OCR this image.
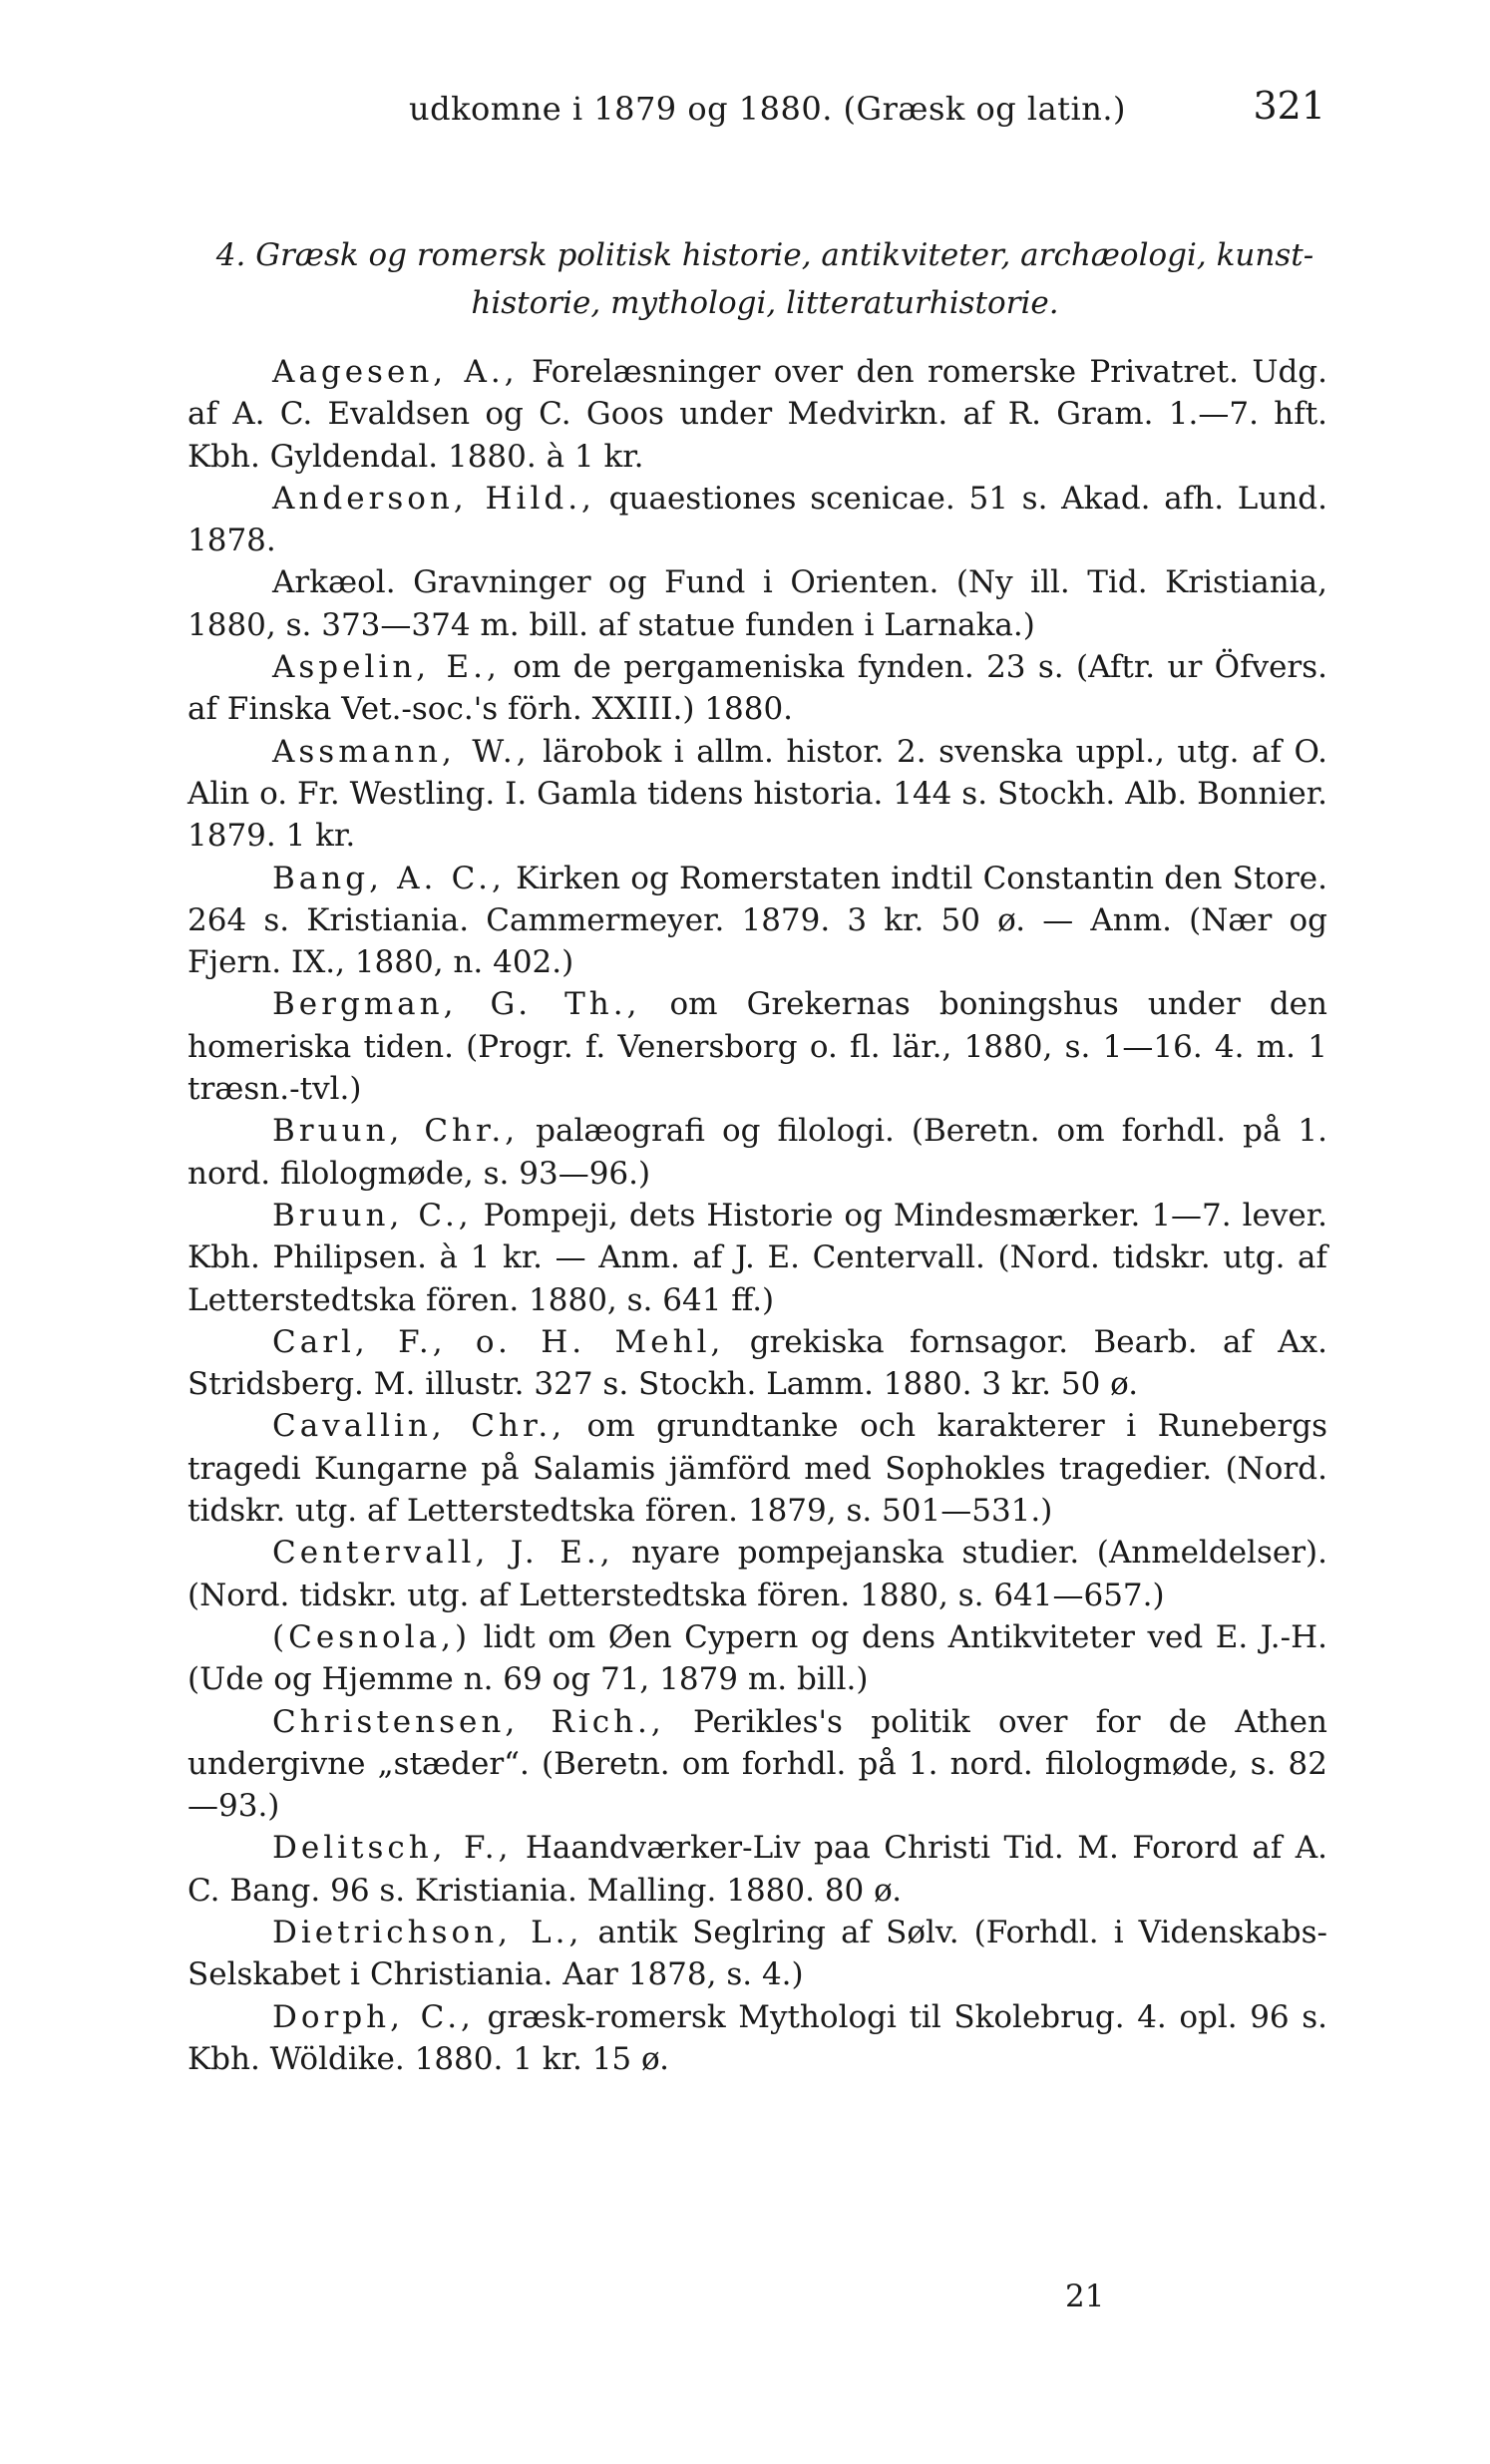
udkomne i 1879 og 1880. (Græsk og latin.)	321
4. Græsk og romersk politisk historie, antikviteter, archæologi, kunst-
historie, mythologi, litteraturhistorie.

Aagesen, A., Forelæsninger over den romerske Privatret. Udg. af A. C. Evaldsen og C. Goos under Medvirkn. af R. Gram. 1.—7. hft. Kbh. Gyldendal. 1880. à 1 kr.

Anderson, Hild., quaestiones scenicae. 51 s. Akad. afh. Lund. 1878.

Arkæol. Gravninger og Fund i Orienten. (Ny ill. Tid. Kristiania, 1880, s. 373—374 m. bill. af statue funden i Larnaka.)

Aspelin, E., om de pergameniska fynden. 23 s. (Aftr. ur Öfvers. af Finska Vet.-soc.'s förh. XXIII.) 1880.

Assmann, W., lärobok i allm. histor. 2. svenska uppl., utg. af O. Alin o. Fr. Westling. I. Gamla tidens historia. 144 s. Stockh. Alb. Bonnier. 1879. 1 kr.

Bang, A. C., Kirken og Romerstaten indtil Constantin den Store. 264 s. Kristiania. Cammermeyer. 1879. 3 kr. 50 ø. — Anm. (Nær og Fjern. IX., 1880, n. 402.)

Bergman, G. Th., om Grekernas boningshus under den homeriska tiden. (Progr. f. Venersborg o. fl. lär., 1880, s. 1—16. 4. m. 1 træsn.-tvl.)

Bruun, Chr., palæografi og filologi. (Beretn. om forhdl. på 1. nord. filologmøde, s. 93—96.)

Bruun, C., Pompeji, dets Historie og Mindesmærker. 1—7. lever. Kbh. Philipsen. à 1 kr. — Anm. af J. E. Centervall. (Nord. tidskr. utg. af Letterstedtska fören. 1880, s. 641 ff.)

Carl, F., o. H. Mehl, grekiska fornsagor. Bearb. af Ax. Stridsberg. M. illustr. 327 s. Stockh. Lamm. 1880. 3 kr. 50 ø.

Cavallin, Chr., om grundtanke och karakterer i Runebergs tragedi Kungarne på Salamis jämförd med Sophokles tragedier. (Nord. tidskr. utg. af Letterstedtska fören. 1879, s. 501—531.)

Centervall, J. E., nyare pompejanska studier. (Anmeldelser). (Nord. tidskr. utg. af Letterstedtska fören. 1880, s. 641—657.)

(Cesnola,) lidt om Øen Cypern og dens Antikviteter ved E. J.-H. (Ude og Hjemme n. 69 og 71, 1879 m. bill.)

Christensen, Rich., Perikles's politik over for de Athen undergivne „stæder“. (Beretn. om forhdl. på 1. nord. filologmøde, s. 82—93.)

Delitsch, F., Haandværker-Liv paa Christi Tid. M. Forord af A. C. Bang. 96 s. Kristiania. Malling. 1880. 80 ø.

Dietrichson, L., antik Seglring af Sølv. (Forhdl. i Videnskabs-Selskabet i Christiania. Aar 1878, s. 4.)

Dorph, C., græsk-romersk Mythologi til Skolebrug. 4. opl. 96 s. Kbh. Wöldike. 1880. 1 kr. 15 ø.

21
